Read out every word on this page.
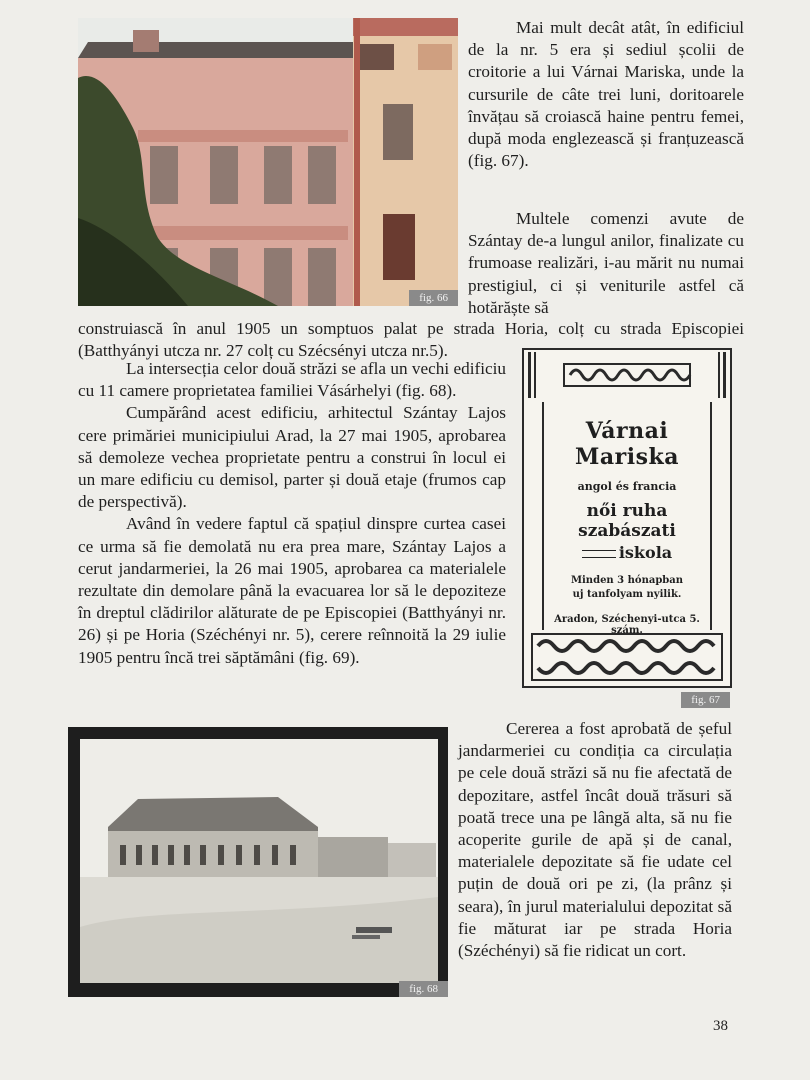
fig. 66

Mai mult decât atât, în edificiul de la nr. 5 era și sediul școlii de croitorie a lui Várnai Mariska, unde la cursurile de câte trei luni, doritoarele învățau să croiască haine pentru femei, după moda englezească și franțuzească (fig. 67).

Multele comenzi avute de Szántay de-a lungul anilor, finalizate cu frumoase realizări, i-au mărit nu numai prestigiul, ci și veniturile astfel că hotărăște să

construiască în anul 1905 un somptuos palat pe strada Horia, colț cu strada Episcopiei (Batthyányi utcza nr. 27 colț cu Szécsényi utcza nr.5).

La intersecția celor două străzi se afla un vechi edificiu cu 11 camere proprietatea familiei Vásárhelyi (fig. 68).

Cumpărând acest edificiu, arhitectul Szántay Lajos cere primăriei municipiului Arad, la 27 mai 1905, aprobarea să demoleze vechea proprietate pentru a construi în locul ei un mare edificiu cu demisol, parter și două etaje (frumos cap de perspectivă).

Având în vedere faptul că spațiul dinspre curtea casei ce urma să fie demolată nu era prea mare, Szántay Lajos a cerut jandarmeriei, la 26 mai 1905, aprobarea ca materialele rezultate din demolare până la evacuarea lor să le depoziteze în dreptul clădirilor alăturate de pe Episcopiei (Batthyányi nr. 26) și pe Horia (Széchényi nr. 5), cerere reînnoită la 29 iulie 1905 pentru încă trei săptămâni (fig. 69).

Várnai Mariska
angol és francia
női ruha szabászati
iskola
Minden 3 hónapban
uj tanfolyam nyilik.
Aradon, Széchenyi-utca 5. szám.
fig. 67
fig. 68

Cererea a fost aprobată de șeful jandarmeriei cu condiția ca circulația pe cele două străzi să nu fie afectată de depozitare, astfel încât două trăsuri să poată trece una pe lângă alta, să nu fie acoperite gurile de apă și de canal, materialele depozitate să fie udate cel puțin de două ori pe zi, (la prânz și seara), în jurul materialului depozitat să fie măturat iar pe strada Horia (Széchényi) să fie ridicat un cort.

38
